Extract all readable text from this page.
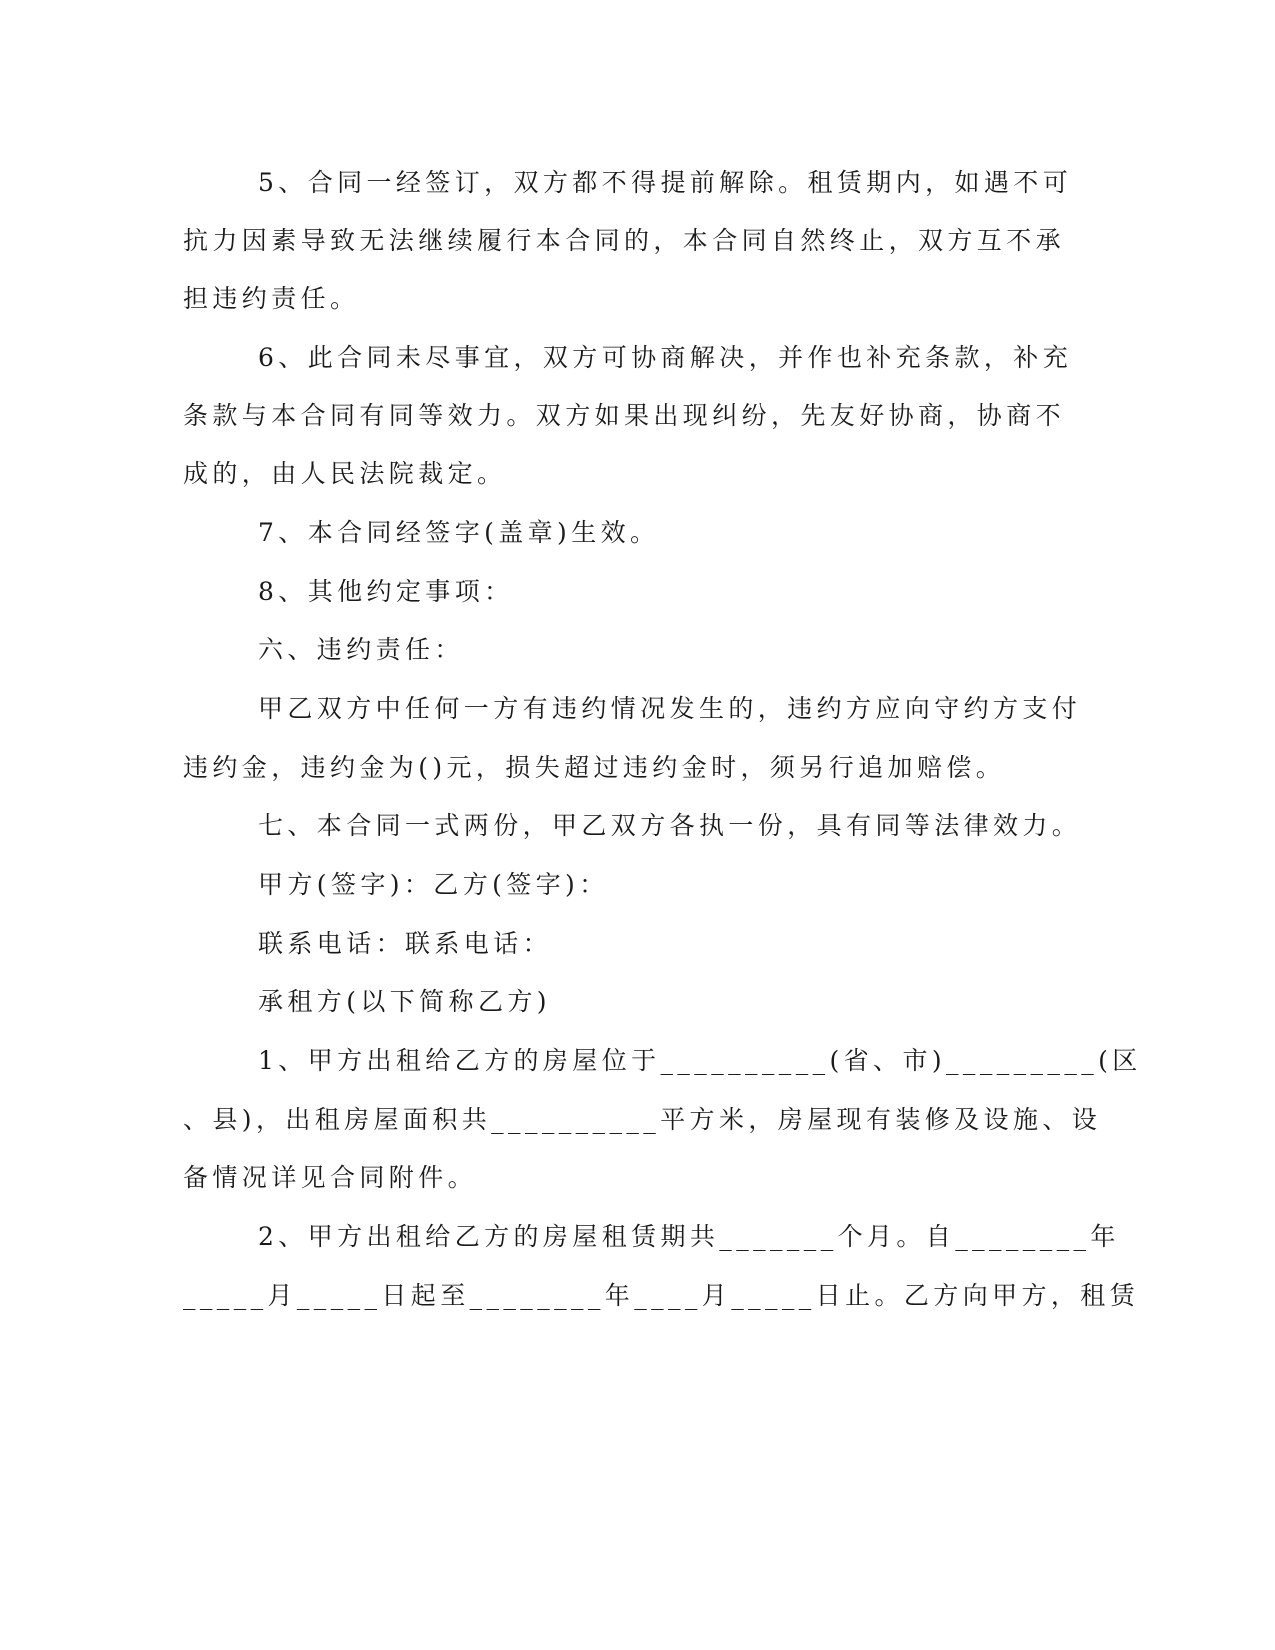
5、合同一经签订，双方都不得提前解除。租赁期内，如遇不可
抗力因素导致无法继续履行本合同的，本合同自然终止，双方互不承
担违约责任。
6、此合同未尽事宜，双方可协商解决，并作也补充条款，补充
条款与本合同有同等效力。双方如果出现纠纷，先友好协商，协商不
成的，由人民法院裁定。
7、本合同经签字(盖章)生效。
8、其他约定事项：
六、违约责任：
甲乙双方中任何一方有违约情况发生的，违约方应向守约方支付
违约金，违约金为()元，损失超过违约金时，须另行追加赔偿。
七、本合同一式两份，甲乙双方各执一份，具有同等法律效力。
甲方(签字)：乙方(签字)：
联系电话：联系电话：
承租方(以下简称乙方)
1、甲方出租给乙方的房屋位于__________(省、市)_________(区
、县)，出租房屋面积共__________平方米，房屋现有装修及设施、设
备情况详见合同附件。
2、甲方出租给乙方的房屋租赁期共_______个月。自________年
_____月_____日起至________年____月_____日止。乙方向甲方，租赁
